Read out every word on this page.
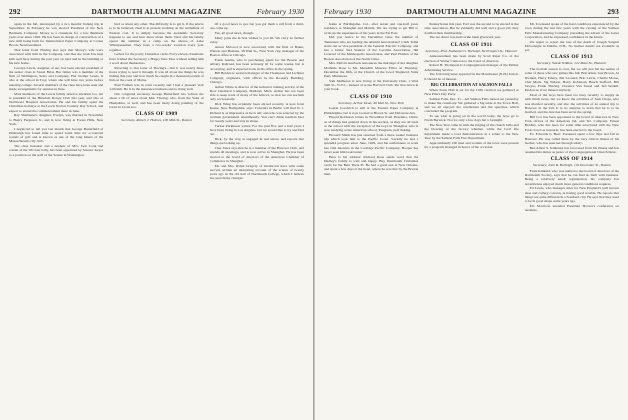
292	DARTMOUTH ALUMNI MAGAZINE	February 1930

again in the fall, interrupted by a two months' fishing trip in September. In February he was elected President of the New Bermuda Company. Morey is a classmate for a few Bermuda years ever since 1926. He has been in charge of construction of a new mill being built for International Paper Company at Corner Brook, Newfoundland.

That letter from Thwing also says that Morey's wife were associated with him in the Company, and that the work has kept him well busy during the past year on land and in the building of his new home.

Carolyn Lewis, daughter of Art, has been elected president of the senior class at Sweet Briar. Her father was a member of the firm of Wellington, Sears and Company. Her brother Lewis, is also at the school in Troy, where she will have two years before entering college. Several members of the class have been seen and made arrangements for reunion in June.

Male members of the Lewis family deserve attention too, Art is president of the Hinsdale Rotary Club this year, and also of Northwest Hospital Association. He and his family spent the Christmas holidays at the Lewis Norton Country Day School, and expect to attend the commencement there in June.

Ray Sherburne's daughter, Evelyn, was married in November to Henry Ferguson Jr., and is now living at Forest Hills, New York.

I neglected to tell you last month that George Butterfield of Pittsburgh has found time to spend some time for occasional rounds of golf and is known as one of the long hitters of the Massachusetts city club.

The class treasurer and a nephew of Mrs. Jack Cook and cousin of the '09 class baby, has been appointed by Senator Keyes to a position on the staff of the Senate in Washington.

bird or about any other. The difficulty is to get it. If the article is to be believed, Neal is at present working on the settlement of Eastern coal. It is simply because the Academic Secretary happens to see and hear more about them. Neal and his family spend the summer in a camp on the shores of Lake Winnipesaukee. They have a two-weeks' vacation every year together.

Letters for the portly Christmas cards. Forty-eleven classmates have wished the Secretary a Happy New Year without telling him a word about themselves.

Reverting to that letter of Thwing's—that it was nearly three hours trying to read it through. It was all about the things he was fishing this year and how much he caught in a thousand pounds of fish on the coast of Maine.

Paul Tolman was in town recently and I had a pleasant visit with him. He is in the insurance business and is doing well.

Our congenial secretary George Butterfield has written me about a bit of news about Mrs. Thwing, who, from the Saint of Hampshire, is well, and has been lately doing painting of the Lions in Lions zoo.

CLASS OF 1909
Secretary, Robert J. Holmes, 100 Milk St., Boston

Of a good news to get, but you got them a call from a third-one came up.

Yes, all good news, though.

Many joins me in best wishes to you all. We carry no further today.

Anson McLeod is now associated with the firm of Baker, Watson and Haskins, 38 Wall St., New York city, manager of the Boston office at Chicago.

Frank Austin, who is purchasing agent for the Boston and Albany Railroad, has been seriously ill for some weeks, but is recovering, and is expected back in his office in the spring.

Bill Holden is western manager of the Thompson and Lichtner Company, engineers, with offices in the Rookery Building, Chicago.

Arthur White is director of the technical training service of the Dow Chemical Company, Midland, Mich. Arthur has not been able to keep track of many of the fellows, so that we can see him only occasionally.

Dick Wing has evidently been abroad recently. A note from Keene, New Hampshire, says: Travelers in Berlin will find N. J. Richard is as impressive as he is tall; and who was selected by the German government unanimously. You can't drink German beer for twenty years and stay in shape.

Tucker Parkinson writes: For the past five and a half years I have been living in Los Angeles, but we would like to try and find out.

Dick, by the way, is engaged in real estate, and reports that things are looking up.

Chet Jones says that he is a member of the Hanover Club, and attends all meetings, and is now active in Shanghai. He has been elected to the board of directors of the American Chamber of Commerce in Shanghai.

Mr. and Mrs. Ralph Gregory of Glenbrook have with some success written an interesting account of the scenes of twenty years ago in the old hall of Dartmouth College, which I believe has seen many changes.

February 1930	DARTMOUTH ALUMNI MAGAZINE	293

home at Burlingame, Cal., after seven and one-half years residence at Shanghai and Manila. We are trying to get Bill to write up the experiences of his years in the Far East.

Did you notice in the December issue the number of Tennessee who are leading the Alumni Associations? Clark Tobin starts out as vice-president of the General Electric Company, and has a Junior Ned Stanton of the Carolina Association. Jim Leonard of the Minneapolis Association, and Paul Holden of the Boston Association of the North Cities.

Mrs. Melvin Averbeck announces the marriage of her daughter Mathilde Rose to Mr. Meredith Maurice Elliot on Thursday, December the fifth, at the Church of the Good Shepherd, Saint Paul, Minnesota.

Sam Mulheron is now living at the University Club, 1 West 54th St., N.Y.C., instead of at the Harvard Club. Put that down in your book.

CLASS OF 1910
Secretary, Arthur Dean, 40 Wall St., New York

Laurie Goodrich is still at the Eastern Paper Company at Philadelphia, but is now located at Brown St. and Delaware Ave.

Harold Robinson writes in November from Pasadena, China, as of things had quieted down in his section, as they are all back at the school with the exception of the boys in Shanghai, who is now studying at the American school, Yangtsun, near Peking.

Howard Smith has just returned from a three weeks' business trip which took him to the Pacific Coast. 'Luckily he had a splendid progress since June, 1929, and his restlessness at work has vital interests in the Coolidge Pacific Company. Hooper has never seen him look better.'

Here is his address: Richard Rose sends word that the Dudley's family is well and happy. Buy Dartmouth Christmas cards for the Beta Theta Pi. He had a good rest at New Orleans, and spent a few days at the hotel, where he was met by the Boston men.

Pennsylvania this year. Earl was the second to be elected at the state association. But he evidently did well and a good job; they doubled their membership.

The tea dance was held at the bank given last year.

CLASS OF 1911
Secretary, Prof. Nathaniel G. Burleigh, 84 Prospect St., Hanover

Announcement has been made by Scott Paper Co. of the election of Walter Cameron to the board of directors.

Robert H. Thompson is Congregational manager of the Palmer Advertising Service.

The following letter appeared in the Manchester (N.H.) Union. It should be of interest.

BIG CELEBRATION AT SALMON FALLS

When Town Hall is set for the 1930 carnival we gathered at New Pine's Day Party.

Salmon Falls, Dec. 31—All Salmon Falls turned out yesterday to make the ceremony. We gathered a big table at the Town Hall, and we all enjoyed the ceremonies and the speeches, which concluded the program.

To see what is going on in the world today, the boys go to North Berwick. Not for only a few days but a fortnight.

The New Year came in with the ringing of the church bells and the blowing of the factory whistles, while the local fire department made a loud demonstration as a salute to the New Year by the Salmon Falls Fire Department.

Approximately 100 men and women of the town were present for a program arranged in honor of the occasion.

Mr. Townsend spoke of the hard conditions experienced by the town during the last few years with the closing of the Salmon Falls Manufacturing Company preceding the advent of the Gates Corporation, and he expressed confidence in the future.

We regret to report the loss of the death of Joseph Sargent McGonagle in Dublin, N.H., No further details are available as yet.

CLASS OF 1913
Secretary, Warde Wilkins, 122 Main St., Hanover

The football season is over, but we will just list the names of some of those who saw games this fall: Bob Allen, Gus Brown, Al Dwinell, Harry Emery, Jim Leonard, Bob Lewis, Charlie Morse, Chet Mack, Sig Nelson, Harry Robinson, Beach Stafford, Bill Sawyer, Frank Thwing, Clarence Van Tassel and Ted Wadell. Pardon us if we missed anybody.

Most of the boys have been too busy recently to supply us with much news, but we know the activities of Sam Chase, who was married recently, and also the activities of an annual trip to Hanover in the fall. It is no surprise to learn that he is to be married, and the date has been set in the spring.

Bill Cox has been appointed to the board of directors in New York offices of the American Tel. and Tel. Company. Ernest Bradley, who has been for some time associated with the New York crowd as treasurer, has been elected to the board.

Ev. Edwards is 'Bud.' Treasurer spent a few days last fall in Hanover. He was called there by the very critical illness of his mother, who has seen her through safely.

Ben Albert S. Kilkenny has recovered from his illness and has resumed his duties as pastor of the Congregational Church there.

CLASS OF 1914
Secretary, John R. Burleigh, 110 December St., Boston

Ernie Kinkaid, who was named to the board of directors of the Dartmouth Society, says that he can find no fault with business. Being a relatively small organization, his company has nevertheless enjoyed much more general conditions requires.

Ed Lewis, who manages sales for New England's well known shoe and cutlery concern, is having good trouble. He reports that things are quite different in a Southern city. He says that they used to be in good shape some years ago.

Mr. Morrison attended President Hoover's conference on business.
